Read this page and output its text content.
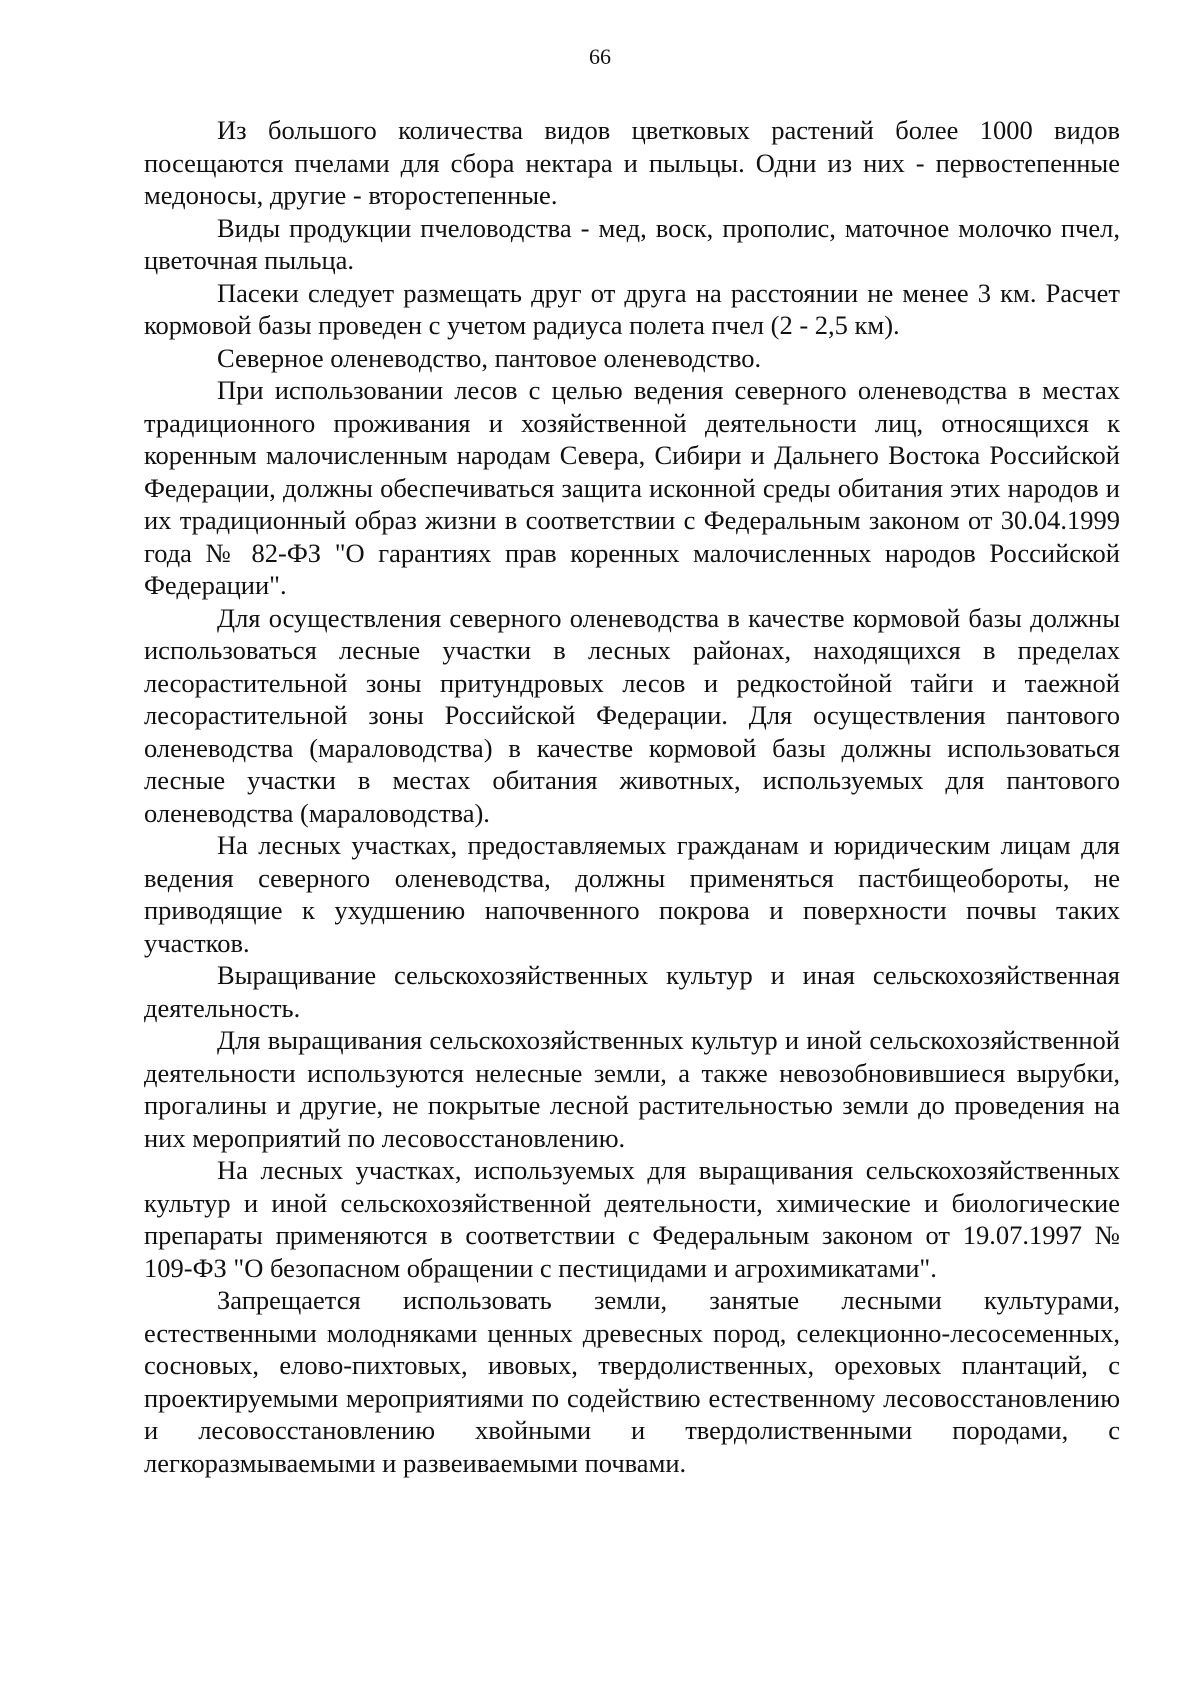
66

Из большого количества видов цветковых растений более 1000 видов посещаются пчелами для сбора нектара и пыльцы. Одни из них - первостепенные медоносы, другие - второстепенные.

Виды продукции пчеловодства - мед, воск, прополис, маточное молочко пчел, цветочная пыльца.

Пасеки следует размещать друг от друга на расстоянии не менее 3 км. Расчет кормовой базы проведен с учетом радиуса полета пчел (2 - 2,5 км).

Северное оленеводство, пантовое оленеводство.

При использовании лесов с целью ведения северного оленеводства в местах традиционного проживания и хозяйственной деятельности лиц, относящихся к коренным малочисленным народам Севера, Сибири и Дальнего Востока Российской Федерации, должны обеспечиваться защита исконной среды обитания этих народов и их традиционный образ жизни в соответствии с Федеральным законом от 30.04.1999 года № 82-ФЗ "О гарантиях прав коренных малочисленных народов Российской Федерации".

Для осуществления северного оленеводства в качестве кормовой базы должны использоваться лесные участки в лесных районах, находящихся в пределах лесорастительной зоны притундровых лесов и редкостойной тайги и таежной лесорастительной зоны Российской Федерации. Для осуществления пантового оленеводства (мараловодства) в качестве кормовой базы должны использоваться лесные участки в местах обитания животных, используемых для пантового оленеводства (мараловодства).

На лесных участках, предоставляемых гражданам и юридическим лицам для ведения северного оленеводства, должны применяться пастбищеобороты, не приводящие к ухудшению напочвенного покрова и поверхности почвы таких участков.

Выращивание сельскохозяйственных культур и иная сельскохозяйственная деятельность.

Для выращивания сельскохозяйственных культур и иной сельскохозяйственной деятельности используются нелесные земли, а также невозобновившиеся вырубки, прогалины и другие, не покрытые лесной растительностью земли до проведения на них мероприятий по лесовосстановлению.

На лесных участках, используемых для выращивания сельскохозяйственных культур и иной сельскохозяйственной деятельности, химические и биологические препараты применяются в соответствии с Федеральным законом от 19.07.1997 № 109-ФЗ "О безопасном обращении с пестицидами и агрохимикатами".

Запрещается использовать земли, занятые лесными культурами, естественными молодняками ценных древесных пород, селекционно-лесосеменных, сосновых, елово-пихтовых, ивовых, твердолиственных, ореховых плантаций, с проектируемыми мероприятиями по содействию естественному лесовосстановлению и лесовосстановлению хвойными и твердолиственными породами, с легкоразмываемыми и развеиваемыми почвами.
